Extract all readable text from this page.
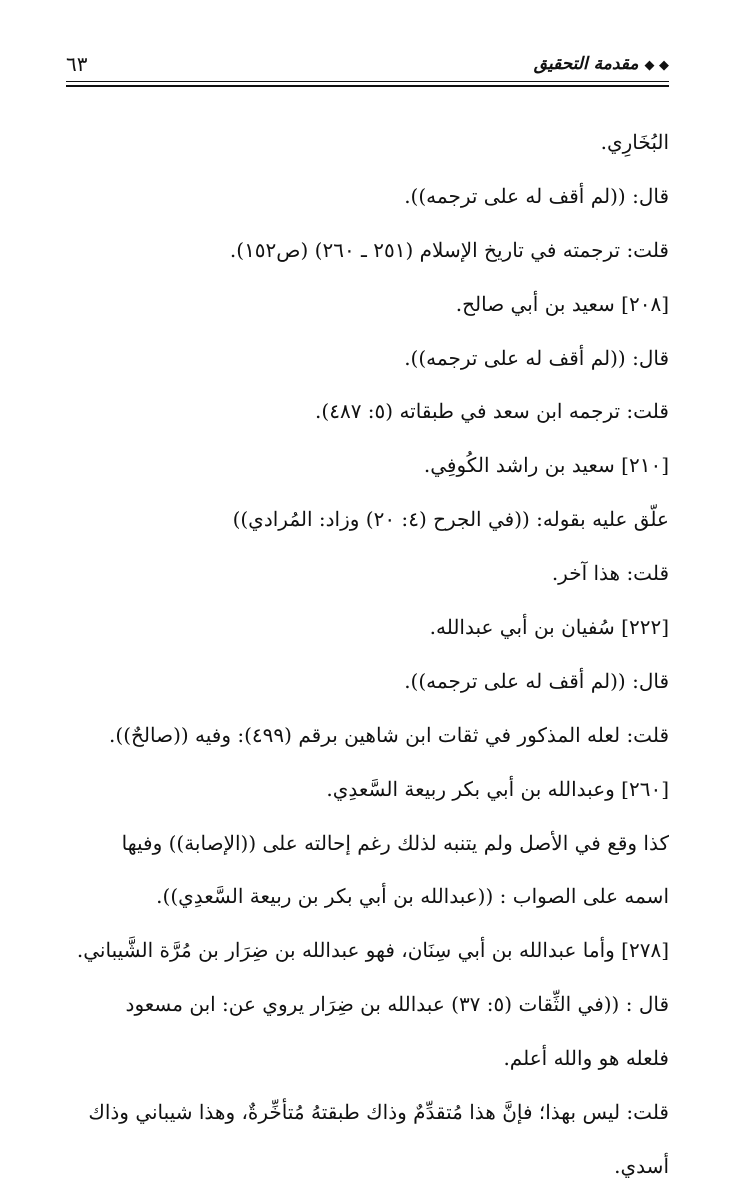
◆ ◆مقدمة التحقيق
٦٣
البُخَارِي.
قال: ((لم أقف له على ترجمه)).
قلت: ترجمته في تاريخ الإسلام (٢٥١ ـ ٢٦٠) (ص١٥٢).
[٢٠٨] سعيد بن أبي صالح.
قال: ((لم أقف له على ترجمه)).
قلت: ترجمه ابن سعد في طبقاته (٥: ٤٨٧).
[٢١٠] سعيد بن راشد الكُوفِي.
علّق عليه بقوله: ((في الجرح (٤: ٢٠) وزاد: المُرادي))
قلت: هذا آخر.
[٢٢٢] سُفيان بن أبي عبدالله.
قال: ((لم أقف له على ترجمه)).
قلت: لعله المذكور في ثقات ابن شاهين برقم (٤٩٩): وفيه ((صالحٌ)).
[٢٦٠] وعبدالله بن أبي بكر ربيعة السَّعدِي.
كذا وقع في الأصل ولم يتنبه لذلك رغم إحالته على ((الإصابة)) وفيها
اسمه على الصواب : ((عبدالله بن أبي بكر بن ربيعة السَّعدِي)).
[٢٧٨] وأما عبدالله بن أبي سِنَان، فهو عبدالله بن ضِرَار بن مُرَّة الشَّيباني.
قال : ((في الثِّقات (٥: ٣٧) عبدالله بن ضِرَار يروي عن: ابن مسعود
فلعله هو والله أعلم.
قلت: ليس بهذا؛ فإنَّ هذا مُتقدِّمٌ وذاك طبقتهُ مُتأخِّرةٌ، وهذا شيباني وذاك
أسدي.
